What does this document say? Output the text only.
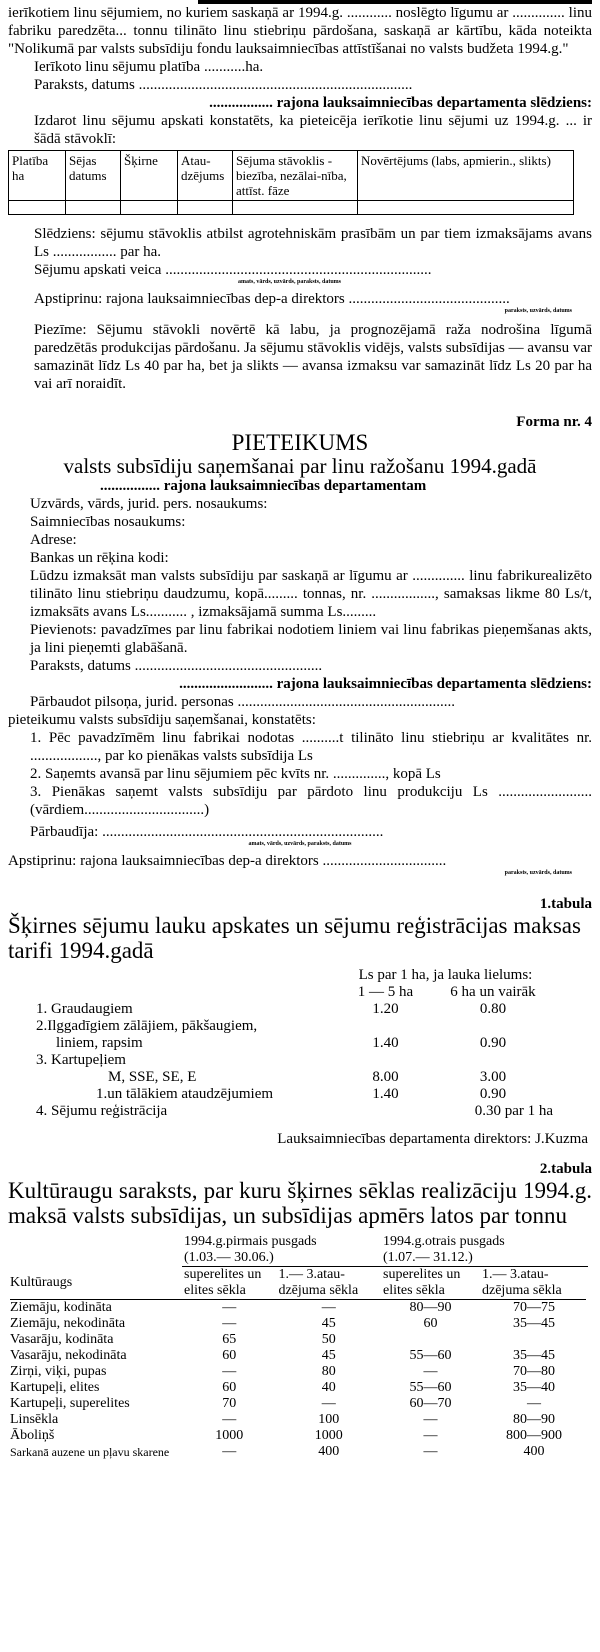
ierīkotiem linu sējumiem, no kuriem saskaņā ar 1994.g. ............ noslēgto līgumu ar .............. linu fabriku paredzēta... tonnu tilināto linu stiebriņu pārdošana, saskaņā ar kārtību, kāda noteikta "Nolikumā par valsts subsīdiju fondu lauksaimniecības attīstīšanai no valsts budžeta 1994.g."

Ierīkoto linu sējumu platība ...........ha.

Paraksts, datums .........................................................................

................. rajona lauksaimniecības departamenta slēdziens:

Izdarot linu sējumu apskati konstatēts, ka pieteicēja ierīkotie linu sējumi uz 1994.g. ... ir šādā stāvoklī:

Platība ha	Sējas datums	Šķirne	Atau-dzējums	Sējuma stāvoklis -biezība, nezālai-nība, attīst. fāze	Novērtējums (labs, apmierin., slikts)

Slēdziens: sējumu stāvoklis atbilst agrotehniskām prasībām un par tiem izmaksājams avans Ls ................. par ha.

Sējumu apskati veica .......................................................................

amats, vārds, uzvārds, paraksts, datums

Apstiprinu: rajona lauksaimniecības dep-a direktors ...........................................

paraksts, uzvārds, datums

Piezīme: Sējumu stāvokli novērtē kā labu, ja prognozējamā raža nodrošina līgumā paredzētās produkcijas pārdošanu. Ja sējumu stāvoklis vidējs, valsts subsīdijas — avansu var samazināt līdz Ls 40 par ha, bet ja slikts — avansa izmaksu var samazināt līdz Ls 20 par ha vai arī noraidīt.

Forma nr. 4

PIETEIKUMS

valsts subsīdiju saņemšanai par linu ražošanu 1994.gadā

................ rajona lauksaimniecības departamentam

Uzvārds, vārds, jurid. pers. nosaukums:

Saimniecības nosaukums:

Adrese:

Bankas un rēķina kodi:

Lūdzu izmaksāt man valsts subsīdiju par saskaņā ar līgumu ar .............. linu fabrikurealizēto tilināto linu stiebriņu daudzumu, kopā......... tonnas, nr. ................., samaksas likme 80 Ls/t, izmaksāts avans Ls........... , izmaksājamā summa Ls.........

Pievienots: pavadzīmes par linu fabrikai nodotiem liniem vai linu fabrikas pieņemšanas akts, ja lini pieņemti glabāšanā.

Paraksts, datums ..................................................

......................... rajona lauksaimniecības departamenta slēdziens:

Pārbaudot pilsoņa, jurid. personas ..........................................................

pieteikumu valsts subsīdiju saņemšanai, konstatēts:

1. Pēc pavadzīmēm linu fabrikai nodotas ..........t tilināto linu stiebriņu ar kvalitātes nr. .................., par ko pienākas valsts subsīdija Ls

2. Saņemts avansā par linu sējumiem pēc kvīts nr. .............., kopā Ls

3. Pienākas saņemt valsts subsīdiju par pārdoto linu produkciju Ls .........................(vārdiem................................)

Pārbaudīja: ...........................................................................

amats, vārds, uzvārds, paraksts, datums

Apstiprinu: rajona lauksaimniecības dep-a direktors .................................

paraksts, uzvārds, datums

1.tabula

Šķirnes sējumu lauku apskates un sējumu reģistrācijas maksas tarifi 1994.gadā

Ls par 1 ha, ja lauka lielums:
1 — 5 ha	6 ha un vairāk
1. Graudaugiem	1.20	0.80
2.Ilggadīgiem zālājiem, pākšaugiem,
liniem, rapsim	1.40	0.90
3. Kartupeļiem
M, SSE, SE, E	8.00	3.00
1.un tālākiem ataudzējumiem	1.40	0.90
4. Sējumu reģistrācija	0.30 par 1 ha

Lauksaimniecības departamenta direktors: J.Kuzma

2.tabula

Kultūraugu saraksts, par kuru šķirnes sēklas realizāciju 1994.g. maksā valsts subsīdijas, un subsīdijas apmērs latos par tonnu

	1994.g.pirmais pusgads
(1.03.— 30.06.)		1994.g.otrais pusgads
(1.07.— 31.12.)	
Kultūraugs	superelites un elites sēkla	1.— 3.atau-dzējuma sēkla	superelites un elites sēkla	1.— 3.atau-dzējuma sēkla

Ziemāju, kodināta	—	—	80—90	70—75
Ziemāju, nekodināta	—	45	60	35—45
Vasarāju, kodināta	65	50		
Vasarāju, nekodināta	60	45	55—60	35—45
Zirņi, viķi, pupas	—	80	—	70—80
Kartupeļi, elites	60	40	55—60	35—40
Kartupeļi, superelites	70	—	60—70	—
Linsēkla	—	100	—	80—90
Āboliņš	1000	1000	—	800—900
Sarkanā auzene un pļavu skarene	—	400	—	400
